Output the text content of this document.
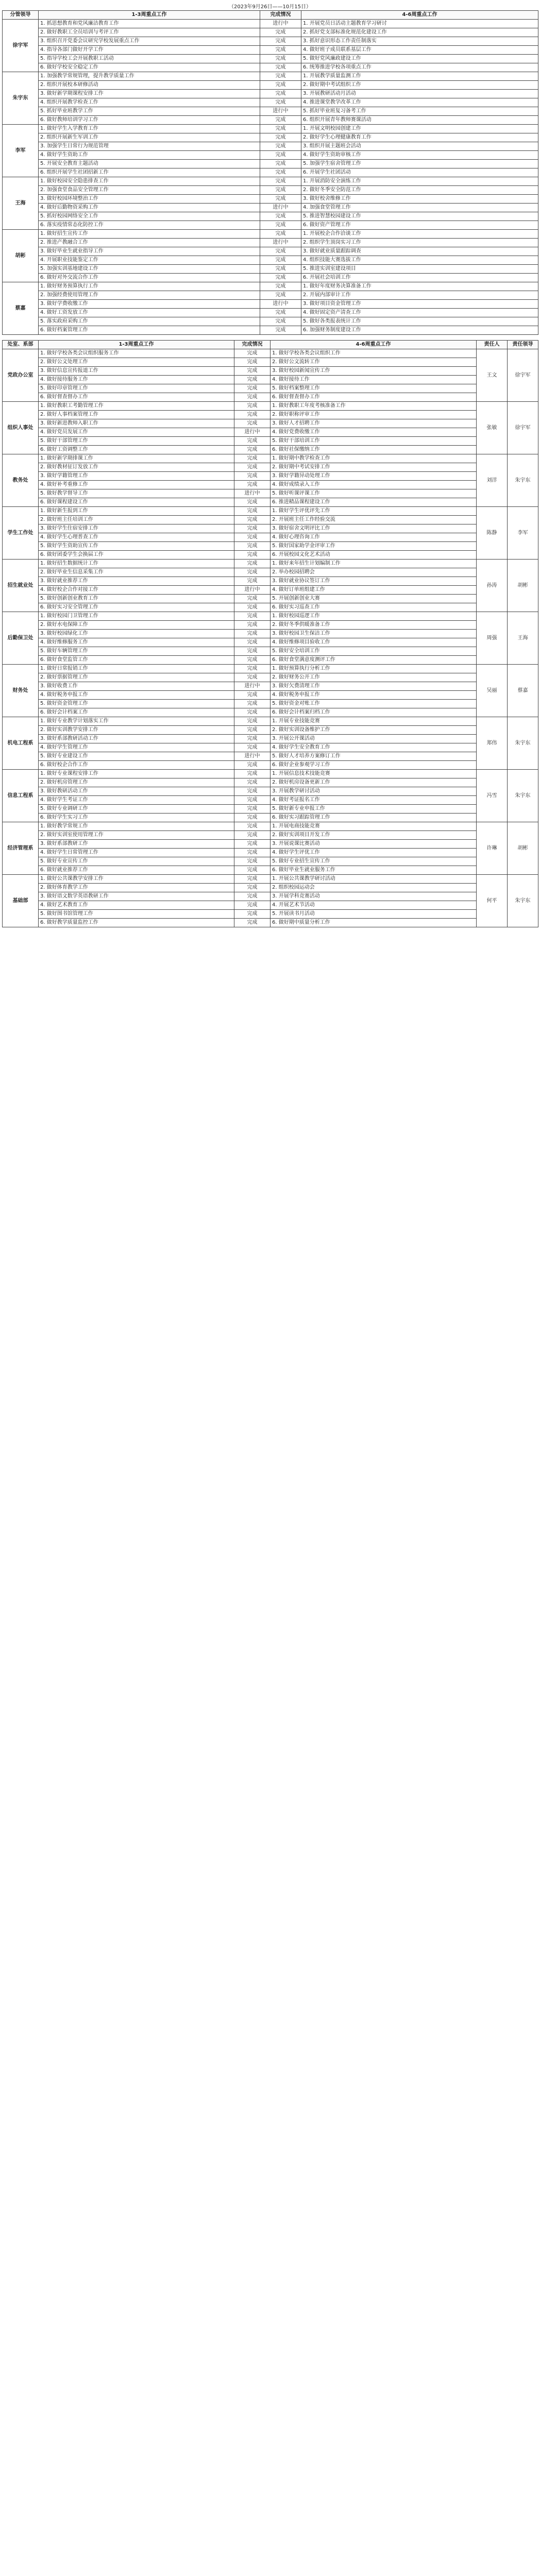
（2023年9月26日——10月15日）
分管领导	1-3周重点工作	完成情况	4-6周重点工作
徐宇军	1. 抓思想教育和党风廉洁教育工作	进行中	1. 开展党员日活动主题教育学习研讨
	2. 做好教职工全员培训与考评工作	完成	2. 抓好党支部标准化规范化建设工作
	3. 组织召开党委会议研究学校发展重点工作	完成	3. 抓好意识形态工作责任制落实
	4. 指导各部门做好开学工作	完成	4. 做好班子成员联系基层工作
	5. 指导学校工会开展教职工活动	完成	5. 做好党风廉政建设工作
	6. 做好学校安全稳定工作	完成	6. 统筹推进学校各项重点工作
朱宇东	1. 加强教学常规管理，提升教学质量工作	完成	1. 开展教学质量监测工作
	2. 组织开展校本研修活动	完成	2. 做好期中考试组织工作
	3. 做好新学期课程安排工作	完成	3. 开展教研活动月活动
	4. 组织开展教学检查工作	完成	4. 推进课堂教学改革工作
	5. 抓好毕业班教学工作	进行中	5. 抓好毕业班复习备考工作
	6. 做好教师培训学习工作	完成	6. 组织开展青年教师赛课活动
李军	1. 做好学生入学教育工作	完成	1. 开展文明校园创建工作
	2. 组织开展新生军训工作	完成	2. 做好学生心理健康教育工作
	3. 加强学生日常行为规范管理	完成	3. 组织开展主题班会活动
	4. 做好学生资助工作	完成	4. 做好学生资助审核工作
	5. 开展安全教育主题活动	完成	5. 加强学生宿舍管理工作
	6. 组织开展学生社团招新工作	完成	6. 开展学生社团活动
王海	1. 做好校园安全隐患排查工作	完成	1. 开展消防安全演练工作
	2. 加强食堂食品安全管理工作	完成	2. 做好冬季安全防范工作
	3. 做好校园环境整治工作	完成	3. 做好校舍维修工作
	4. 做好后勤物资采购工作	进行中	4. 加强食堂管理工作
	5. 抓好校园网络安全工作	完成	5. 推进智慧校园建设工作
	6. 落实疫情常态化防控工作	完成	6. 做好资产管理工作
胡彬	1. 做好招生宣传工作	完成	1. 开展校企合作洽谈工作
	2. 推进产教融合工作	进行中	2. 组织学生顶岗实习工作
	3. 做好毕业生就业指导工作	完成	3. 做好就业质量跟踪调查
	4. 开展职业技能鉴定工作	完成	4. 组织技能大赛选拔工作
	5. 加强实训基地建设工作	完成	5. 推进实训室建设项目
	6. 做好对外交流合作工作	完成	6. 开展社会培训工作
蔡嘉	1. 做好财务预算执行工作	完成	1. 做好年度财务决算准备工作
	2. 加强经费使用管理工作	完成	2. 开展内部审计工作
	3. 做好学费收缴工作	进行中	3. 做好项目资金管理工作
	4. 做好工资发放工作	完成	4. 做好固定资产清查工作
	5. 落实政府采购工作	完成	5. 做好各类报表统计工作
	6. 做好档案管理工作	完成	6. 加强财务制度建设工作
处室、系部	1-3周重点工作	完成情况	4-6周重点工作	责任人	责任领导
党政办公室	1. 做好学校各类会议组织服务工作	完成	1. 做好学校各类会议组织工作	王文	徐宇军
	2. 做好公文处理工作	完成	2. 做好公文流转工作		
	3. 做好信息宣传报道工作	完成	3. 做好校园新闻宣传工作		
	4. 做好接待服务工作	完成	4. 做好接待工作		
	5. 做好印章管理工作	完成	5. 做好档案整理工作		
	6. 做好督查督办工作	完成	6. 做好督查督办工作		
组织人事处	1. 做好教职工考勤管理工作	完成	1. 做好教职工年度考核准备工作	张敏	徐宇军
	2. 做好人事档案管理工作	完成	2. 做好职称评审工作		
	3. 做好新进教师入职工作	完成	3. 做好人才招聘工作		
	4. 做好党员发展工作	进行中	4. 做好党费收缴工作		
	5. 做好干部管理工作	完成	5. 做好干部培训工作		
	6. 做好工资调整工作	完成	6. 做好社保缴纳工作		
教务处	1. 做好新学期排课工作	完成	1. 做好期中教学检查工作	刘洋	朱宇东
	2. 做好教材征订发放工作	完成	2. 做好期中考试安排工作		
	3. 做好学籍管理工作	完成	3. 做好学籍异动处理工作		
	4. 做好补考重修工作	完成	4. 做好成绩录入工作		
	5. 做好教学督导工作	进行中	5. 做好听课评课工作		
	6. 做好课程建设工作	完成	6. 推进精品课程建设工作		
学生工作处	1. 做好新生报到工作	完成	1. 做好学生评优评先工作	陈静	李军
	2. 做好班主任培训工作	完成	2. 开展班主任工作经验交流		
	3. 做好学生住宿安排工作	完成	3. 做好宿舍文明评比工作		
	4. 做好学生心理普查工作	完成	4. 做好心理咨询工作		
	5. 做好学生资助宣传工作	完成	5. 做好国家助学金评审工作		
	6. 做好团委学生会换届工作	完成	6. 开展校园文化艺术活动		
招生就业处	1. 做好招生数据统计工作	完成	1. 做好来年招生计划编制工作	孙涛	胡彬
	2. 做好毕业生信息采集工作	完成	2. 举办校园招聘会		
	3. 做好就业推荐工作	完成	3. 做好就业协议签订工作		
	4. 做好校企合作对接工作	进行中	4. 做好订单班组建工作		
	5. 做好创新创业教育工作	完成	5. 开展创新创业大赛		
	6. 做好实习安全管理工作	完成	6. 做好实习巡查工作		
后勤保卫处	1. 做好校园门卫管理工作	完成	1. 做好校园巡逻工作	周强	王海
	2. 做好水电保障工作	完成	2. 做好冬季供暖准备工作		
	3. 做好校园绿化工作	完成	3. 做好校园卫生保洁工作		
	4. 做好维修服务工作	完成	4. 做好维修项目验收工作		
	5. 做好车辆管理工作	完成	5. 做好安全培训工作		
	6. 做好食堂监管工作	完成	6. 做好食堂满意度测评工作		
财务处	1. 做好日常报销工作	完成	1. 做好预算执行分析工作	吴丽	蔡嘉
	2. 做好票据管理工作	完成	2. 做好财务公开工作		
	3. 做好收费工作	进行中	3. 做好欠费清理工作		
	4. 做好税务申报工作	完成	4. 做好税务申报工作		
	5. 做好资金管理工作	完成	5. 做好资金对账工作		
	6. 做好会计档案工作	完成	6. 做好会计档案归档工作		
机电工程系	1. 做好专业教学计划落实工作	完成	1. 开展专业技能竞赛	郑伟	朱宇东
	2. 做好实训教学安排工作	完成	2. 做好实训设备维护工作		
	3. 做好系部教研活动工作	完成	3. 开展公开课活动		
	4. 做好学生管理工作	完成	4. 做好学生安全教育工作		
	5. 做好专业建设工作	进行中	5. 做好人才培养方案修订工作		
	6. 做好校企合作工作	完成	6. 做好企业参观学习工作		
信息工程系	1. 做好专业课程安排工作	完成	1. 开展信息技术技能竞赛	冯雪	朱宇东
	2. 做好机房管理工作	完成	2. 做好机房设备更新工作		
	3. 做好教研活动工作	完成	3. 开展教学研讨活动		
	4. 做好学生考证工作	完成	4. 做好考证报名工作		
	5. 做好专业调研工作	完成	5. 做好新专业申报工作		
	6. 做好学生实习工作	完成	6. 做好实习跟踪管理工作		
经济管理系	1. 做好教学常规工作	完成	1. 开展电商技能竞赛	许琳	胡彬
	2. 做好实训室使用管理工作	完成	2. 做好实训项目开发工作		
	3. 做好系部教研工作	完成	3. 开展说课比赛活动		
	4. 做好学生日常管理工作	完成	4. 做好学生评优工作		
	5. 做好专业宣传工作	完成	5. 做好专业招生宣传工作		
	6. 做好就业推荐工作	完成	6. 做好毕业生就业服务工作		
基础部	1. 做好公共课教学安排工作	完成	1. 开展公共课教学研讨活动	何平	朱宇东
	2. 做好体育教学工作	完成	2. 组织校园运动会		
	3. 做好语文数学英语教研工作	完成	3. 开展学科竞赛活动		
	4. 做好艺术教育工作	完成	4. 开展艺术节活动		
	5. 做好图书馆管理工作	完成	5. 开展读书月活动		
	6. 做好教学质量监控工作	完成	6. 做好期中质量分析工作		
